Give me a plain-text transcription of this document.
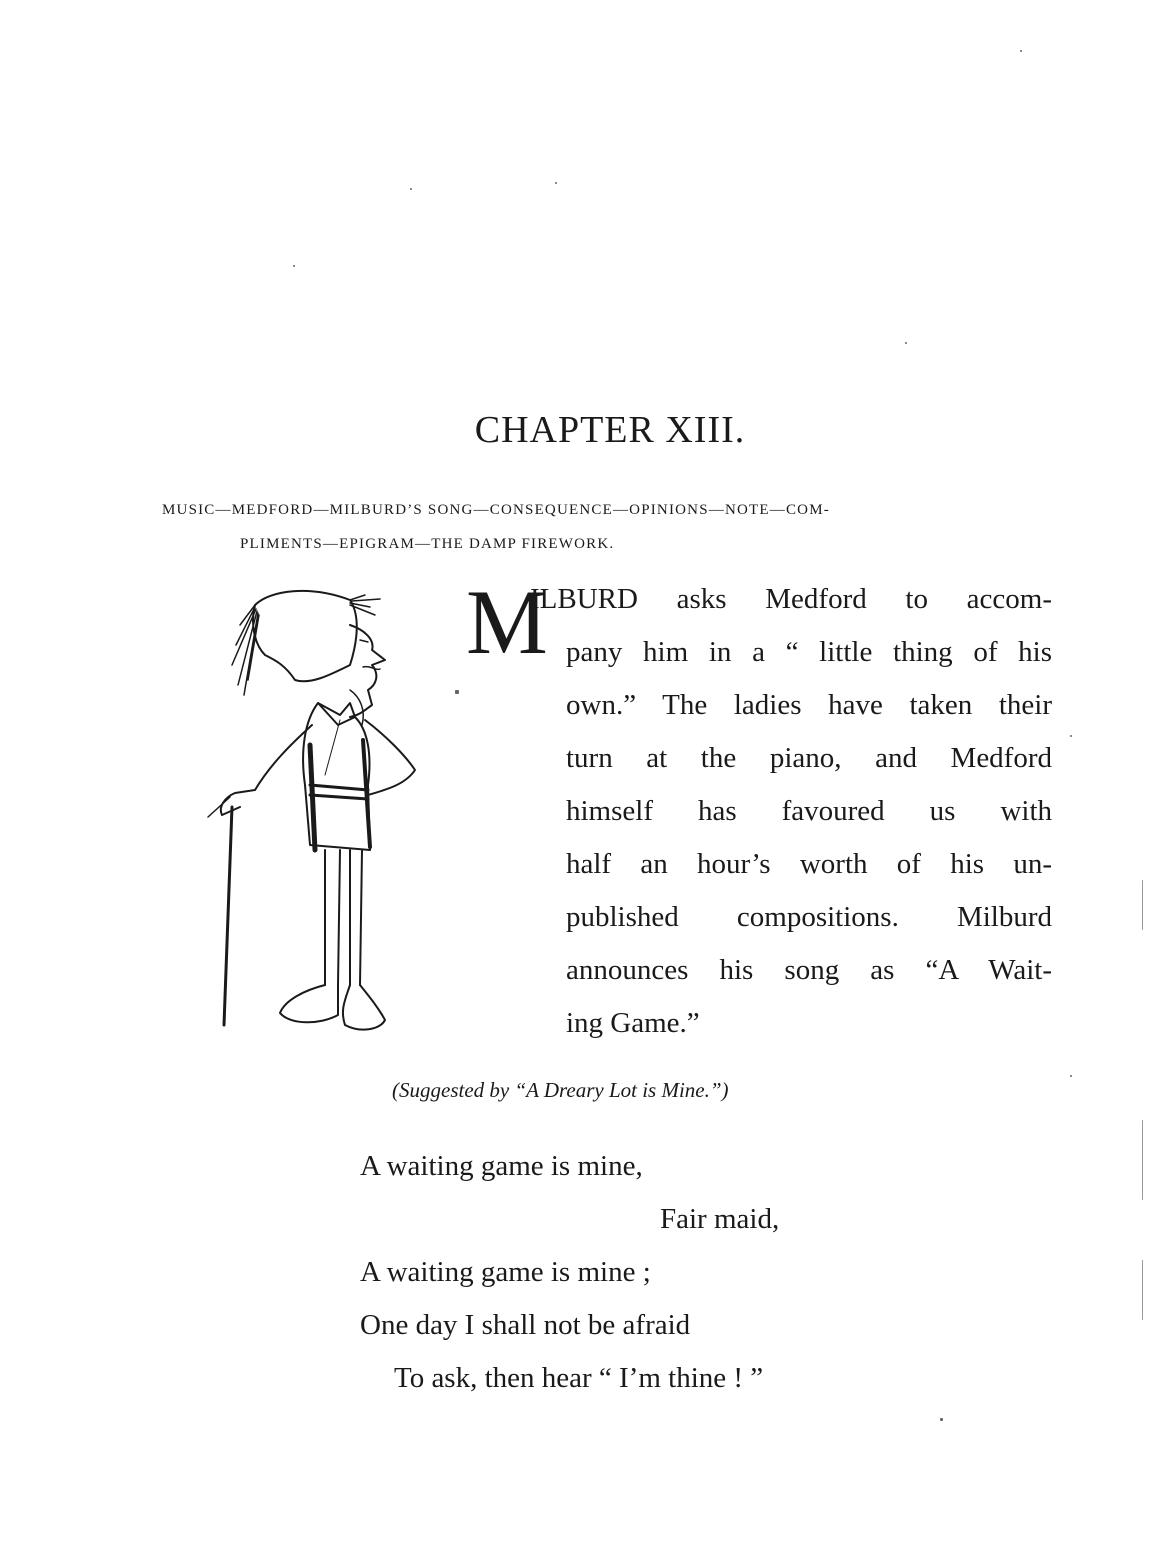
CHAPTER XIII.
MUSIC—MEDFORD—MILBURD’S SONG—CONSEQUENCE—OPINIONS—NOTE—COM-
PLIMENTS—EPIGRAM—THE DAMP FIREWORK.
M
ILBURD asks Medford to accom-
pany him in a “ little thing of his
own.” The ladies have taken their
turn at the piano, and Medford
himself has favoured us with
half an hour’s worth of his un-
published compositions. Milburd
announces his song as “A Wait-
ing Game.”
(Suggested by “A Dreary Lot is Mine.”)
A waiting game is mine,
Fair maid,
A waiting game is mine ;
One day I shall not be afraid
To ask, then hear “ I’m thine ! ”
